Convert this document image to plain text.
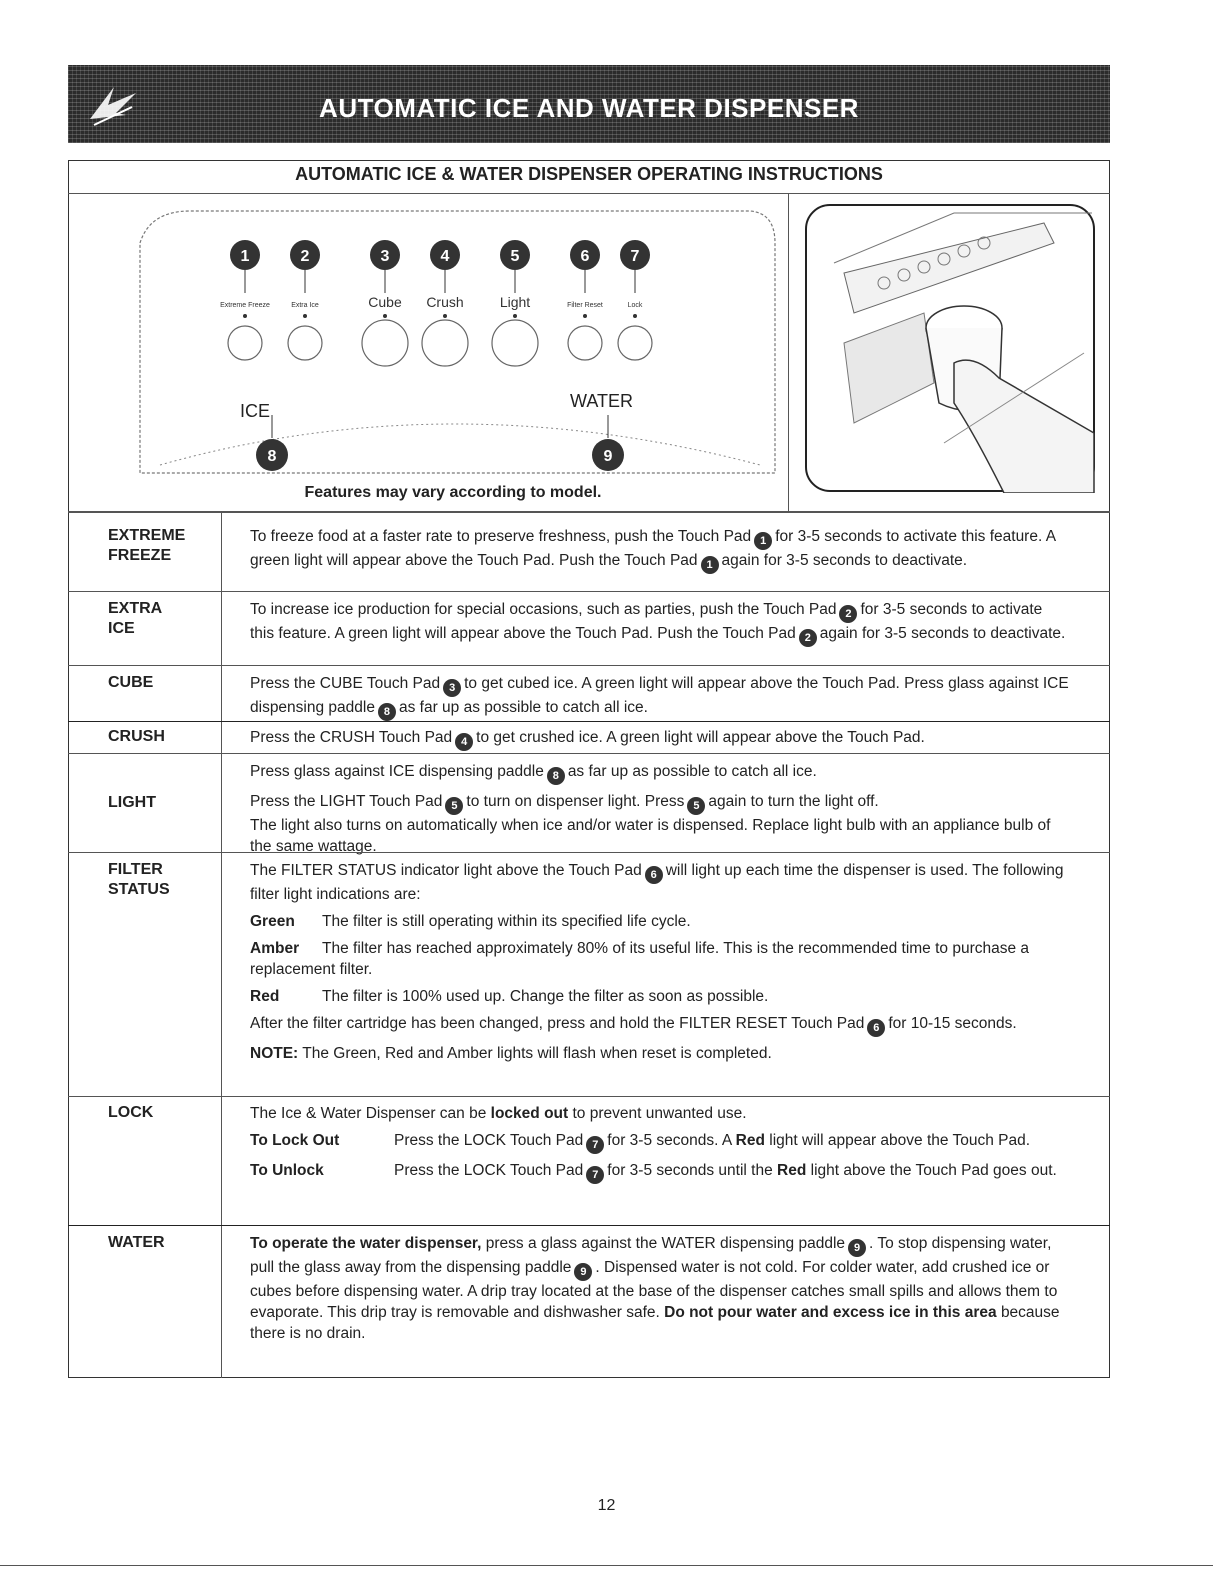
AUTOMATIC ICE AND WATER DISPENSER
AUTOMATIC ICE & WATER DISPENSER OPERATING INSTRUCTIONS
1
Extreme Freeze
2
Extra Ice
3
Cube
4
Crush
5
Light
6
Filter Reset
7
Lock
ICE	WATER
8	9
Features may vary according to model.
EXTREME
FREEZE

To freeze food at a faster rate to preserve freshness, push the Touch Pad 1 for 3-5 seconds to activate this feature. A green light will appear above the Touch Pad. Push the Touch Pad 1 again for 3-5 seconds to deactivate.

EXTRA
ICE

To increase ice production for special occasions, such as parties, push the Touch Pad 2 for 3-5 seconds to activate this feature. A green light will appear above the Touch Pad. Push the Touch Pad 2 again for 3-5 seconds to deactivate.

CUBE	Press the CUBE Touch Pad 3 to get cubed ice. A green light will appear above the Touch Pad. Press glass against ICE dispensing paddle 8 as far up as possible to catch all ice.

CRUSH	Press the CRUSH Touch Pad 4 to get crushed ice. A green light will appear above the Touch Pad.

LIGHT

Press glass against ICE dispensing paddle 8 as far up as possible to catch all ice.

Press the LIGHT Touch Pad 5 to turn on dispenser light. Press 5 again to turn the light off.

The light also turns on automatically when ice and/or water is dispensed. Replace light bulb with an appliance bulb of the same wattage.

FILTER
STATUS

The FILTER STATUS indicator light above the Touch Pad 6 will light up each time the dispenser is used. The following filter light indications are:

Green The filter is still operating within its specified life cycle.

Amber The filter has reached approximately 80% of its useful life. This is the recommended time to purchase a replacement filter.

Red	The filter is 100% used up. Change the filter as soon as possible.

After the filter cartridge has been changed, press and hold the FILTER RESET Touch Pad 6 for 10-15 seconds.

NOTE: The Green, Red and Amber lights will flash when reset is completed.

LOCK	The Ice & Water Dispenser can be locked out to prevent unwanted use.

To Lock Out	Press the LOCK Touch Pad 7 for 3-5 seconds. A Red light will appear above the Touch Pad.

To Unlock	Press the LOCK Touch Pad 7 for 3-5 seconds until the Red light above the Touch Pad goes out.

WATER	To operate the water dispenser, press a glass against the WATER dispensing paddle 9 . To stop dispensing water, pull the glass away from the dispensing paddle 9 . Dispensed water is not cold. For colder water, add crushed ice or cubes before dispensing water. A drip tray located at the base of the dispenser catches small spills and allows them to evaporate. This drip tray is removable and dishwasher safe. Do not pour water and excess ice in this area because there is no drain.

12
